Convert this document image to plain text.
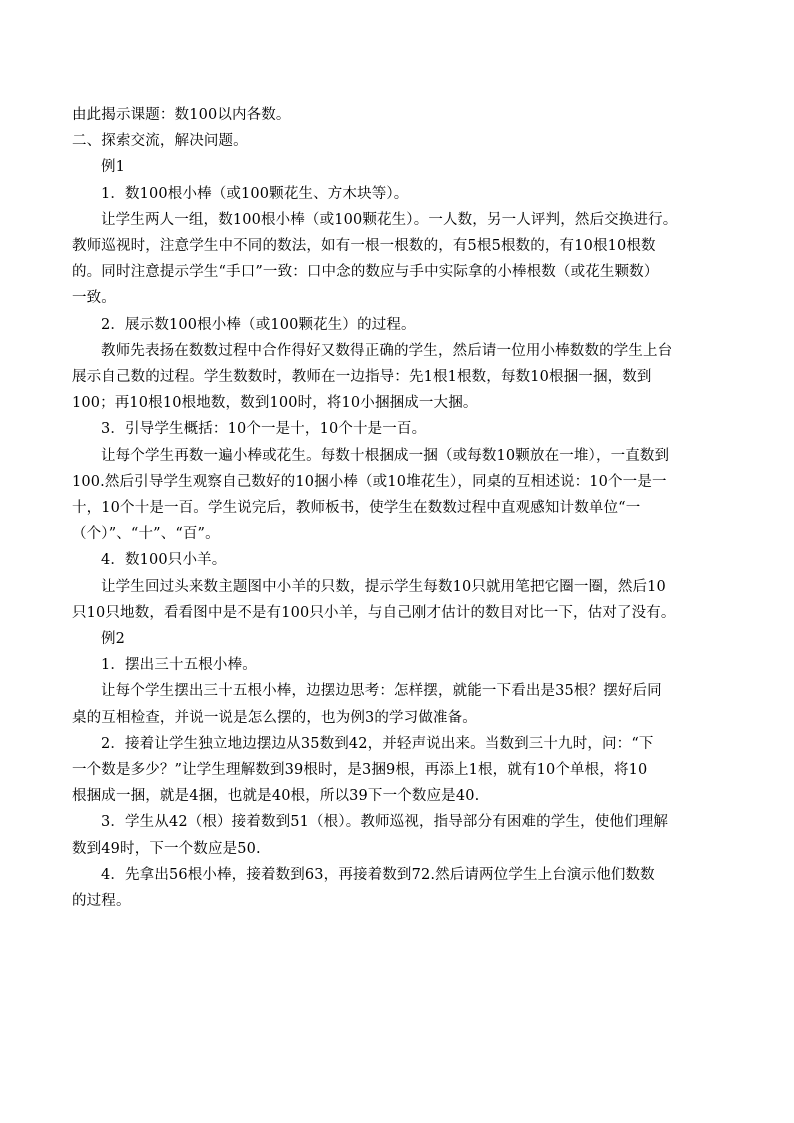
由此揭示课题：数100以内各数。
二、探索交流，解决问题。
例1
1．数100根小棒（或100颗花生、方木块等）。
让学生两人一组，数100根小棒（或100颗花生）。一人数，另一人评判，然后交换进行。
教师巡视时，注意学生中不同的数法，如有一根一根数的，有5根5根数的，有10根10根数
的。同时注意提示学生“手口”一致：口中念的数应与手中实际拿的小棒根数（或花生颗数）
一致。
2．展示数100根小棒（或100颗花生）的过程。
教师先表扬在数数过程中合作得好又数得正确的学生，然后请一位用小棒数数的学生上台
展示自己数的过程。学生数数时，教师在一边指导：先1根1根数，每数10根捆一捆，数到
100；再10根10根地数，数到100时，将10小捆捆成一大捆。
3．引导学生概括：10个一是十，10个十是一百。
让每个学生再数一遍小棒或花生。每数十根捆成一捆（或每数10颗放在一堆），一直数到
100.然后引导学生观察自己数好的10捆小棒（或10堆花生），同桌的互相述说：10个一是一
十，10个十是一百。学生说完后，教师板书，使学生在数数过程中直观感知计数单位“一
（个）”、“十”、“百”。
4．数100只小羊。
让学生回过头来数主题图中小羊的只数，提示学生每数10只就用笔把它圈一圈，然后10
只10只地数，看看图中是不是有100只小羊，与自己刚才估计的数目对比一下，估对了没有。
例2
1．摆出三十五根小棒。
让每个学生摆出三十五根小棒，边摆边思考：怎样摆，就能一下看出是35根？摆好后同
桌的互相检查，并说一说是怎么摆的，也为例3的学习做准备。
2．接着让学生独立地边摆边从35数到42，并轻声说出来。当数到三十九时，问：“下
一个数是多少？”让学生理解数到39根时，是3捆9根，再添上1根，就有10个单根，将10
根捆成一捆，就是4捆，也就是40根，所以39下一个数应是40.
3．学生从42（根）接着数到51（根）。教师巡视，指导部分有困难的学生，使他们理解
数到49时，下一个数应是50.
4．先拿出56根小棒，接着数到63，再接着数到72.然后请两位学生上台演示他们数数
的过程。
